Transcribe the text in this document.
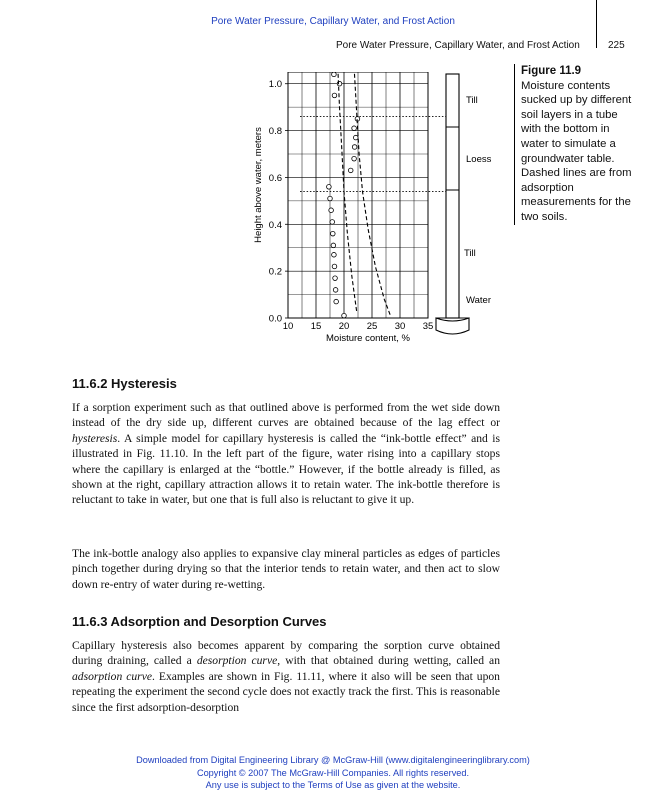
Pore Water Pressure, Capillary Water, and Frost Action
Pore Water Pressure, Capillary Water, and Frost Action	225
10 15 20 25 30 35
0.0
0.2
0.4
0.6
0.8
1.0
Moisture content, %
Height above water, meters
Till
Loess
Till
Water
Figure 11.9
Moisture contents sucked up by different soil layers in a tube with the bottom in water to simulate a groundwater table. Dashed lines are from adsorption measurements for the two soils.
11.6.2 Hysteresis

If a sorption experiment such as that outlined above is performed from the wet side down instead of the dry side up, different curves are obtained because of the lag effect or hysteresis. A simple model for capillary hysteresis is called the “ink-bottle effect” and is illustrated in Fig. 11.10. In the left part of the figure, water rising into a capillary stops where the capillary is enlarged at the “bottle.” However, if the bottle already is filled, as shown at the right, capillary attraction allows it to retain water. The ink-bottle therefore is reluctant to take in water, but one that is full also is reluctant to give it up.

The ink-bottle analogy also applies to expansive clay mineral particles as edges of particles pinch together during drying so that the interior tends to retain water, and then act to slow down re-entry of water during re-wetting.

11.6.3 Adsorption and Desorption Curves

Capillary hysteresis also becomes apparent by comparing the sorption curve obtained during draining, called a desorption curve, with that obtained during wetting, called an adsorption curve. Examples are shown in Fig. 11.11, where it also will be seen that upon repeating the experiment the second cycle does not exactly track the first. This is reasonable since the first adsorption-desorption

Downloaded from Digital Engineering Library @ McGraw-Hill (www.digitalengineeringlibrary.com)
Copyright © 2007 The McGraw-Hill Companies. All rights reserved.
Any use is subject to the Terms of Use as given at the website.
